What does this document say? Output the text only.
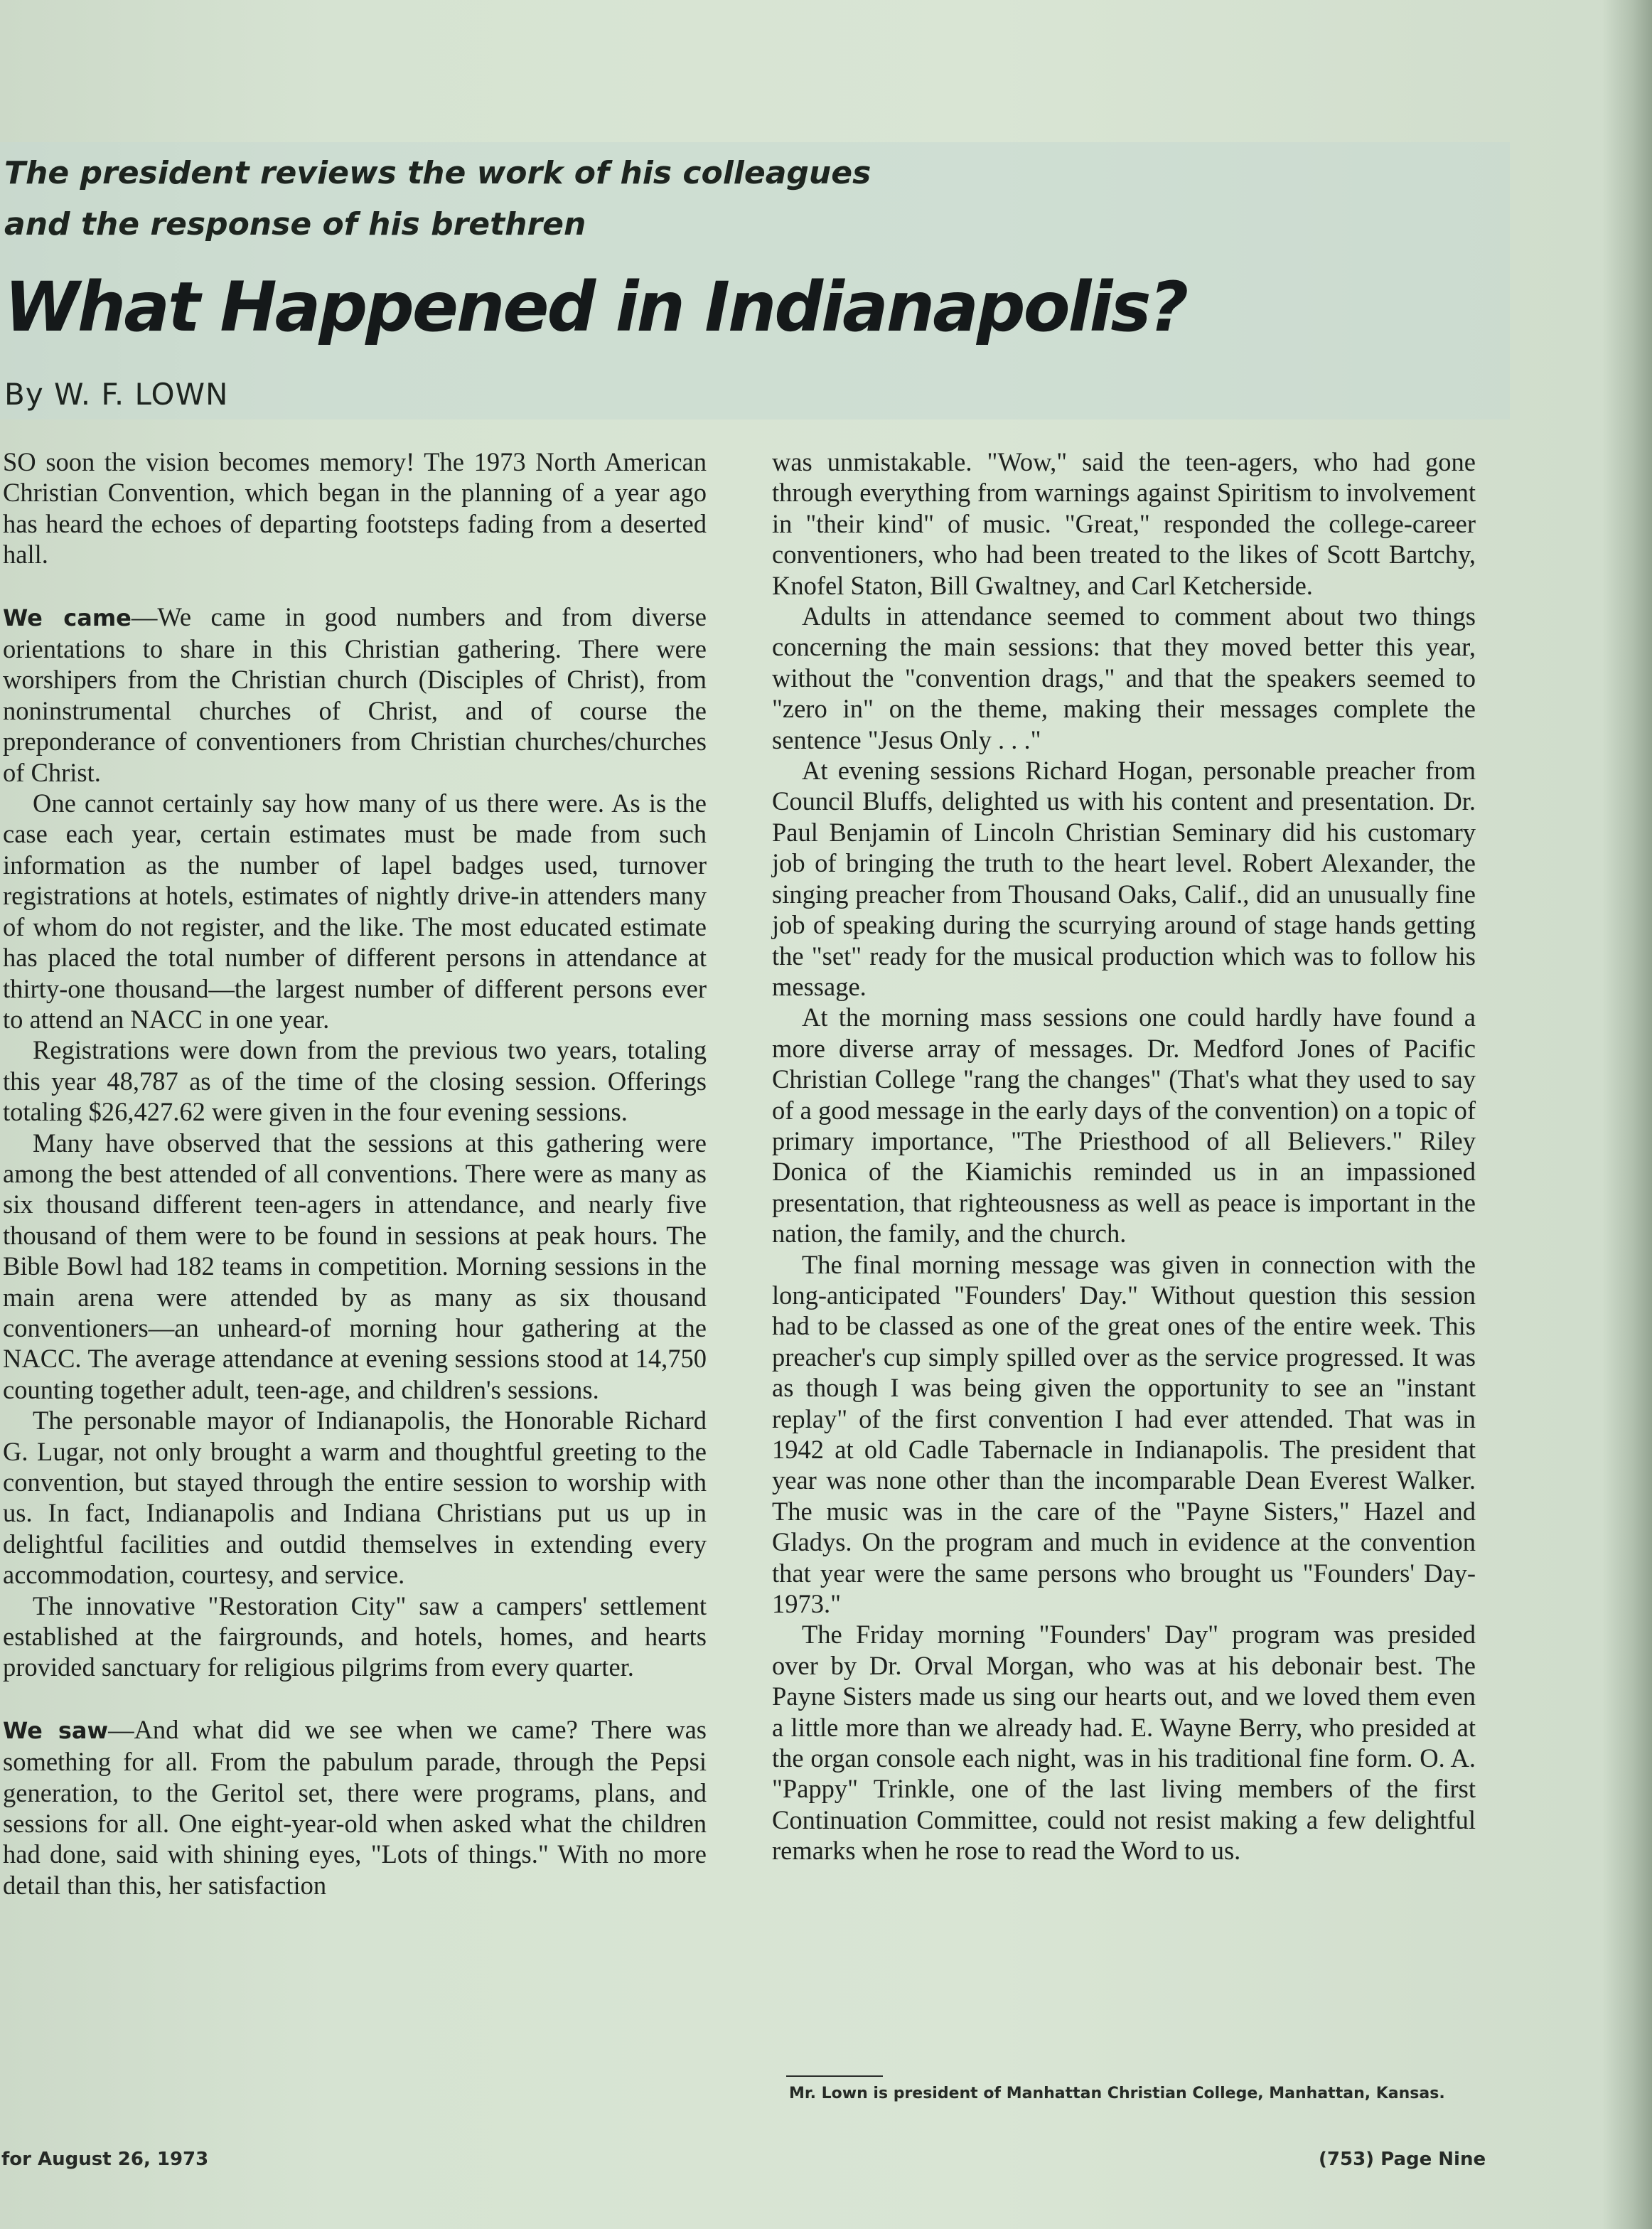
The president reviews the work of his colleagues
and the response of his brethren
What Happened in Indianapolis?
By W. F. LOWN

SO soon the vision becomes memory! The 1973 North American Christian Convention, which began in the planning of a year ago has heard the echoes of departing footsteps fading from a deserted hall.

We came—We came in good numbers and from diverse orientations to share in this Christian gathering. There were worshipers from the Christian church (Disciples of Christ), from noninstrumental churches of Christ, and of course the preponderance of conventioners from Christian churches/churches of Christ.

One cannot certainly say how many of us there were. As is the case each year, certain estimates must be made from such information as the number of lapel badges used, turnover registrations at hotels, estimates of nightly drive-in attenders many of whom do not register, and the like. The most educated estimate has placed the total number of different persons in attendance at thirty-one thousand—the largest number of different persons ever to attend an NACC in one year.

Registrations were down from the previous two years, totaling this year 48,787 as of the time of the closing session. Offerings totaling $26,427.62 were given in the four evening sessions.

Many have observed that the sessions at this gathering were among the best attended of all conventions. There were as many as six thousand different teen-agers in attendance, and nearly five thousand of them were to be found in sessions at peak hours. The Bible Bowl had 182 teams in competition. Morning sessions in the main arena were attended by as many as six thousand conventioners—an unheard-of morning hour gathering at the NACC. The average attendance at evening sessions stood at 14,750 counting together adult, teen-age, and children's sessions.

The personable mayor of Indianapolis, the Honorable Richard G. Lugar, not only brought a warm and thoughtful greeting to the convention, but stayed through the entire session to worship with us. In fact, Indianapolis and Indiana Christians put us up in delightful facilities and outdid themselves in extending every accommodation, courtesy, and service.

The innovative "Restoration City" saw a campers' settlement established at the fairgrounds, and hotels, homes, and hearts provided sanctuary for religious pilgrims from every quarter.

We saw—And what did we see when we came? There was something for all. From the pabulum parade, through the Pepsi generation, to the Geritol set, there were programs, plans, and sessions for all. One eight-year-old when asked what the children had done, said with shining eyes, "Lots of things." With no more detail than this, her satisfaction

was unmistakable. "Wow," said the teen-agers, who had gone through everything from warnings against Spiritism to involvement in "their kind" of music. "Great," responded the college-career conventioners, who had been treated to the likes of Scott Bartchy, Knofel Staton, Bill Gwaltney, and Carl Ketcherside.

Adults in attendance seemed to comment about two things concerning the main sessions: that they moved better this year, without the "convention drags," and that the speakers seemed to "zero in" on the theme, making their messages complete the sentence "Jesus Only . . ."

At evening sessions Richard Hogan, personable preacher from Council Bluffs, delighted us with his content and presentation. Dr. Paul Benjamin of Lincoln Christian Seminary did his customary job of bringing the truth to the heart level. Robert Alexander, the singing preacher from Thousand Oaks, Calif., did an unusually fine job of speaking during the scurrying around of stage hands getting the "set" ready for the musical production which was to follow his message.

At the morning mass sessions one could hardly have found a more diverse array of messages. Dr. Medford Jones of Pacific Christian College "rang the changes" (That's what they used to say of a good message in the early days of the convention) on a topic of primary importance, "The Priesthood of all Believers." Riley Donica of the Kiamichis reminded us in an impassioned presentation, that righteousness as well as peace is important in the nation, the family, and the church.

The final morning message was given in connection with the long-anticipated "Founders' Day." Without question this session had to be classed as one of the great ones of the entire week. This preacher's cup simply spilled over as the service progressed. It was as though I was being given the opportunity to see an "instant replay" of the first convention I had ever attended. That was in 1942 at old Cadle Tabernacle in Indianapolis. The president that year was none other than the incomparable Dean Everest Walker. The music was in the care of the "Payne Sisters," Hazel and Gladys. On the program and much in evidence at the convention that year were the same persons who brought us "Founders' Day-1973."

The Friday morning "Founders' Day" program was presided over by Dr. Orval Morgan, who was at his debonair best. The Payne Sisters made us sing our hearts out, and we loved them even a little more than we already had. E. Wayne Berry, who presided at the organ console each night, was in his traditional fine form. O. A. "Pappy" Trinkle, one of the last living members of the first Continuation Committee, could not resist making a few delightful remarks when he rose to read the Word to us.

Mr. Lown is president of Manhattan Christian College, Manhattan, Kansas.
for August 26, 1973	(753) Page Nine
